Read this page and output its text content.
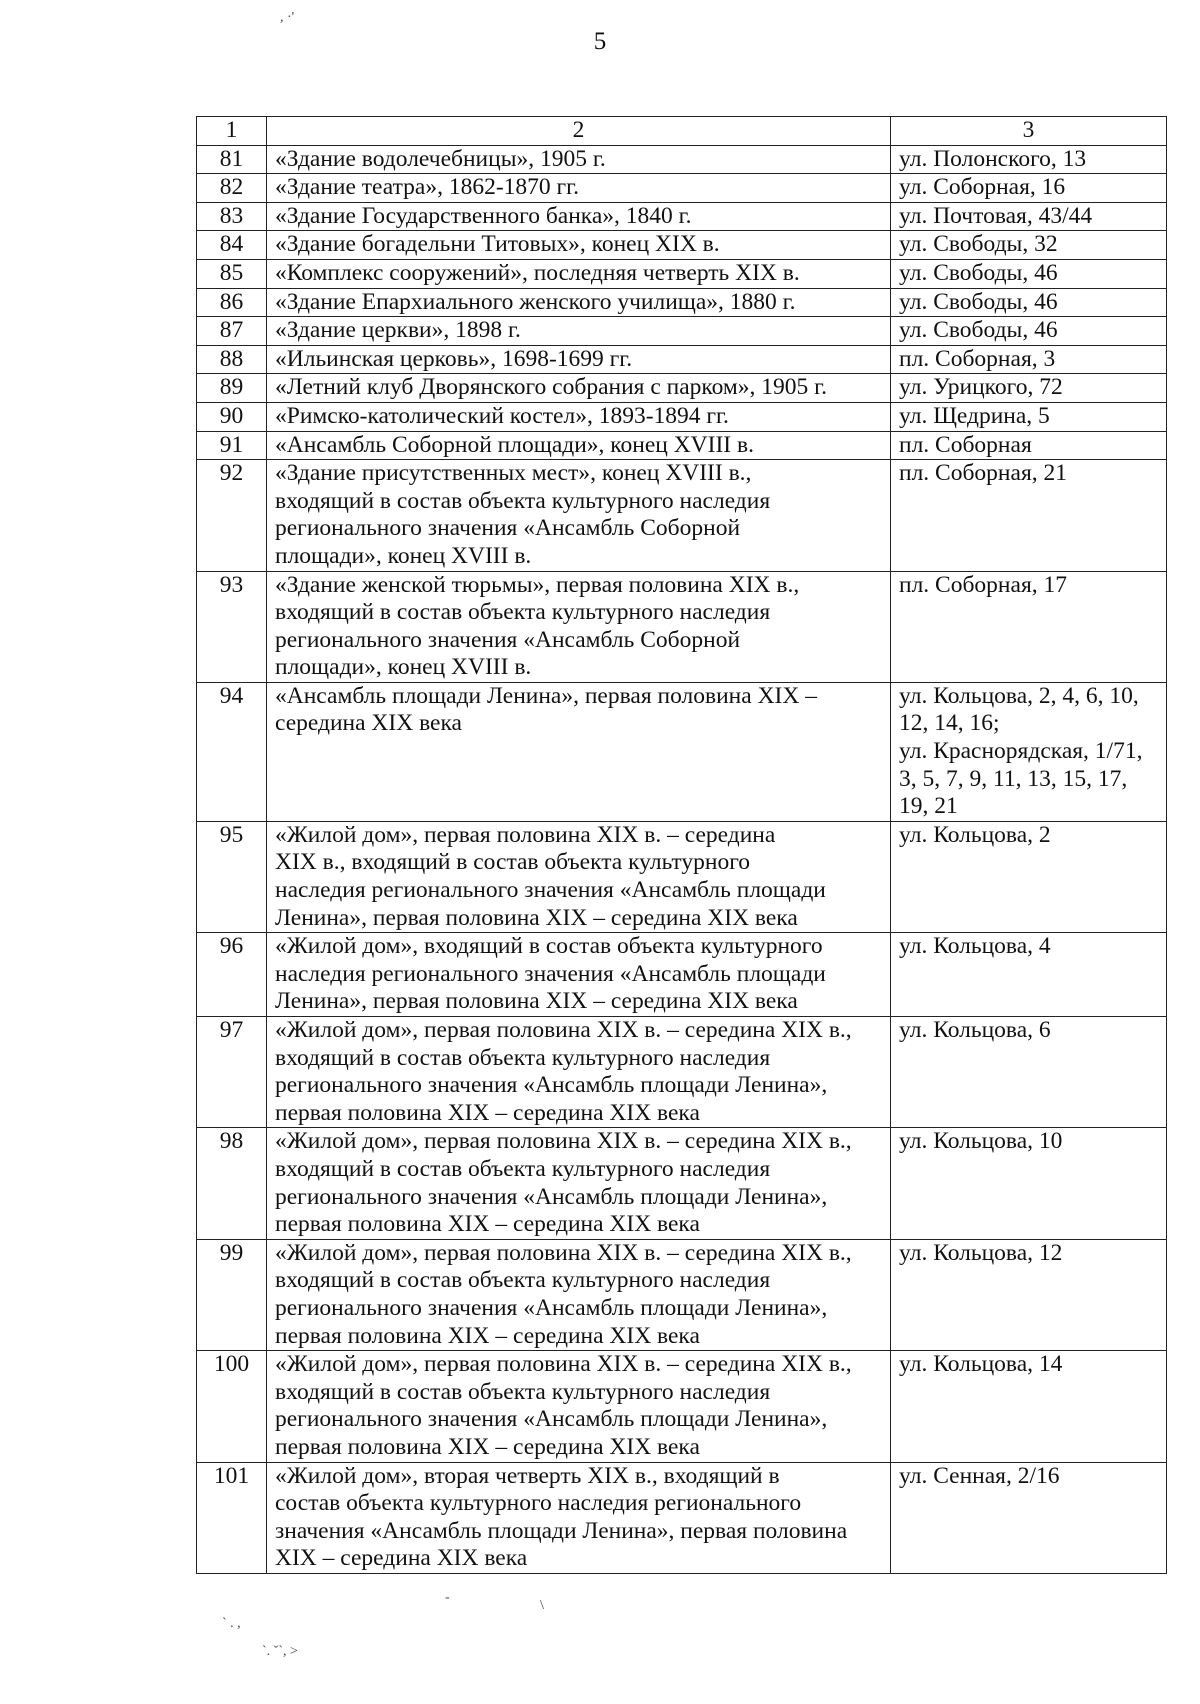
5
1	2	3
81	«Здание водолечебницы», 1905 г.	ул. Полонского, 13
82	«Здание театра», 1862-1870 гг.	ул. Соборная, 16
83	«Здание Государственного банка», 1840 г.	ул. Почтовая, 43/44
84	«Здание богадельни Титовых», конец XIX в.	ул. Свободы, 32
85	«Комплекс сооружений», последняя четверть XIX в.	ул. Свободы, 46
86	«Здание Епархиального женского училища», 1880 г.	ул. Свободы, 46
87	«Здание церкви», 1898 г.	ул. Свободы, 46
88	«Ильинская церковь», 1698-1699 гг.	пл. Соборная, 3
89	«Летний клуб Дворянского собрания с парком», 1905 г.	ул. Урицкого, 72
90	«Римско-католический костел», 1893-1894 гг.	ул. Щедрина, 5
91	«Ансамбль Соборной площади», конец XVIII в.	пл. Соборная
92	«Здание присутственных мест», конец XVIII в.,
входящий в состав объекта культурного наследия
регионального значения «Ансамбль Соборной
площади», конец XVIII в.	пл. Соборная, 21
93	«Здание женской тюрьмы», первая половина XIX в.,
входящий в состав объекта культурного наследия
регионального значения «Ансамбль Соборной
площади», конец XVIII в.	пл. Соборная, 17
94	«Ансамбль площади Ленина», первая половина XIX –
середина XIX века	ул. Кольцова, 2, 4, 6, 10,
12, 14, 16;
ул. Краснорядская, 1/71,
3, 5, 7, 9, 11, 13, 15, 17,
19, 21
95	«Жилой дом», первая половина XIX в. – середина
XIX в., входящий в состав объекта культурного
наследия регионального значения «Ансамбль площади
Ленина», первая половина XIX – середина XIX века	ул. Кольцова, 2
96	«Жилой дом», входящий в состав объекта культурного
наследия регионального значения «Ансамбль площади
Ленина», первая половина XIX – середина XIX века	ул. Кольцова, 4
97	«Жилой дом», первая половина XIX в. – середина XIX в.,
входящий в состав объекта культурного наследия
регионального значения «Ансамбль площади Ленина»,
первая половина XIX – середина XIX века	ул. Кольцова, 6
98	«Жилой дом», первая половина XIX в. – середина XIX в.,
входящий в состав объекта культурного наследия
регионального значения «Ансамбль площади Ленина»,
первая половина XIX – середина XIX века	ул. Кольцова, 10
99	«Жилой дом», первая половина XIX в. – середина XIX в.,
входящий в состав объекта культурного наследия
регионального значения «Ансамбль площади Ленина»,
первая половина XIX – середина XIX века	ул. Кольцова, 12
100	«Жилой дом», первая половина XIX в. – середина XIX в.,
входящий в состав объекта культурного наследия
регионального значения «Ансамбль площади Ленина»,
первая половина XIX – середина XIX века	ул. Кольцова, 14
101	«Жилой дом», вторая четверть XIX в., входящий в
состав объекта культурного наследия регионального
значения «Ансамбль площади Ленина», первая половина
XIX – середина XIX века	ул. Сенная, 2/16
, ·'
-
\
` . ,
`. ˇ`, >
